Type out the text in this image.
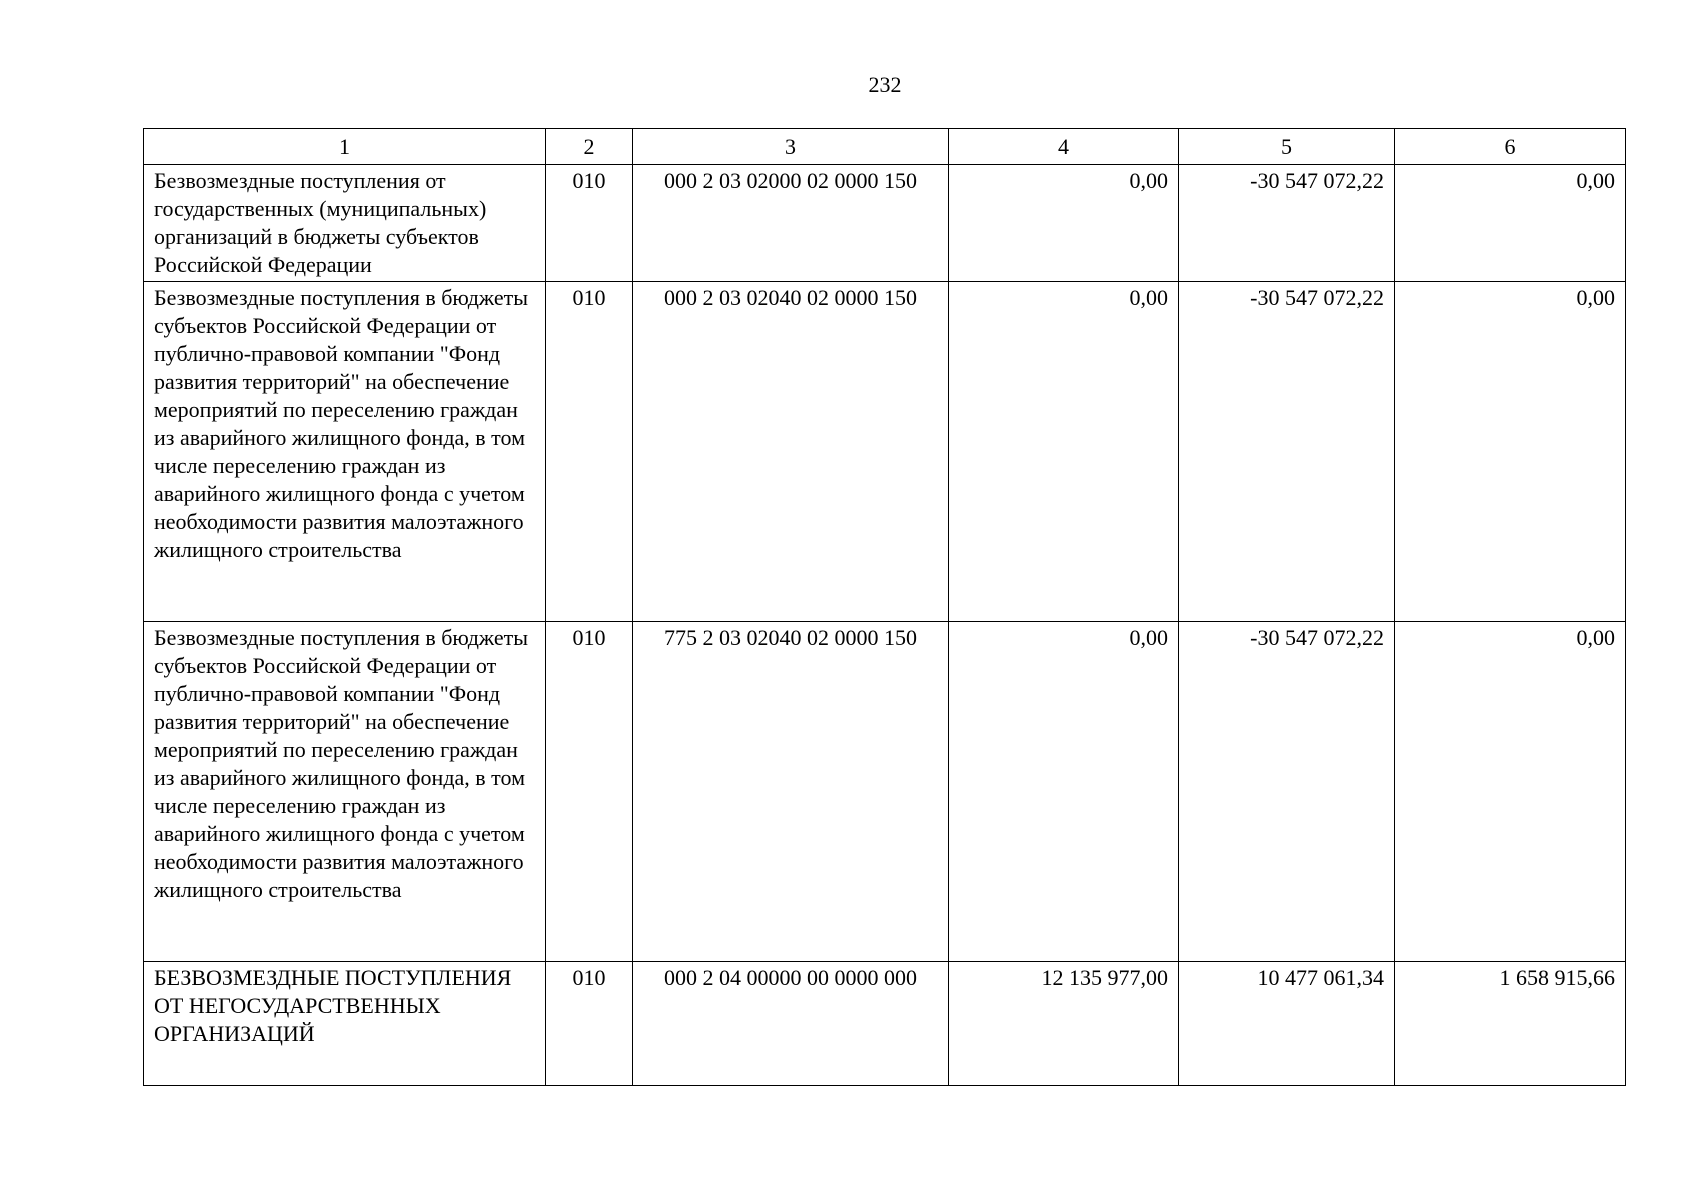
232
1	2	3	4	5	6
Безвозмездные поступления от государственных (муниципальных) организаций в бюджеты субъектов Российской Федерации	010	000 2 03 02000 02 0000 150	0,00	-30 547 072,22	0,00
Безвозмездные поступления в бюджеты субъектов Российской Федерации от публично-правовой компании "Фонд развития территорий" на обеспечение мероприятий по переселению граждан из аварийного жилищного фонда, в том числе переселению граждан из аварийного жилищного фонда с учетом необходимости развития малоэтажного жилищного строительства	010	000 2 03 02040 02 0000 150	0,00	-30 547 072,22	0,00
Безвозмездные поступления в бюджеты субъектов Российской Федерации от публично-правовой компании "Фонд развития территорий" на обеспечение мероприятий по переселению граждан из аварийного жилищного фонда, в том числе переселению граждан из аварийного жилищного фонда с учетом необходимости развития малоэтажного жилищного строительства	010	775 2 03 02040 02 0000 150	0,00	-30 547 072,22	0,00
БЕЗВОЗМЕЗДНЫЕ ПОСТУПЛЕНИЯ ОТ НЕГОСУДАРСТВЕННЫХ ОРГАНИЗАЦИЙ	010	000 2 04 00000 00 0000 000	12 135 977,00	10 477 061,34	1 658 915,66
